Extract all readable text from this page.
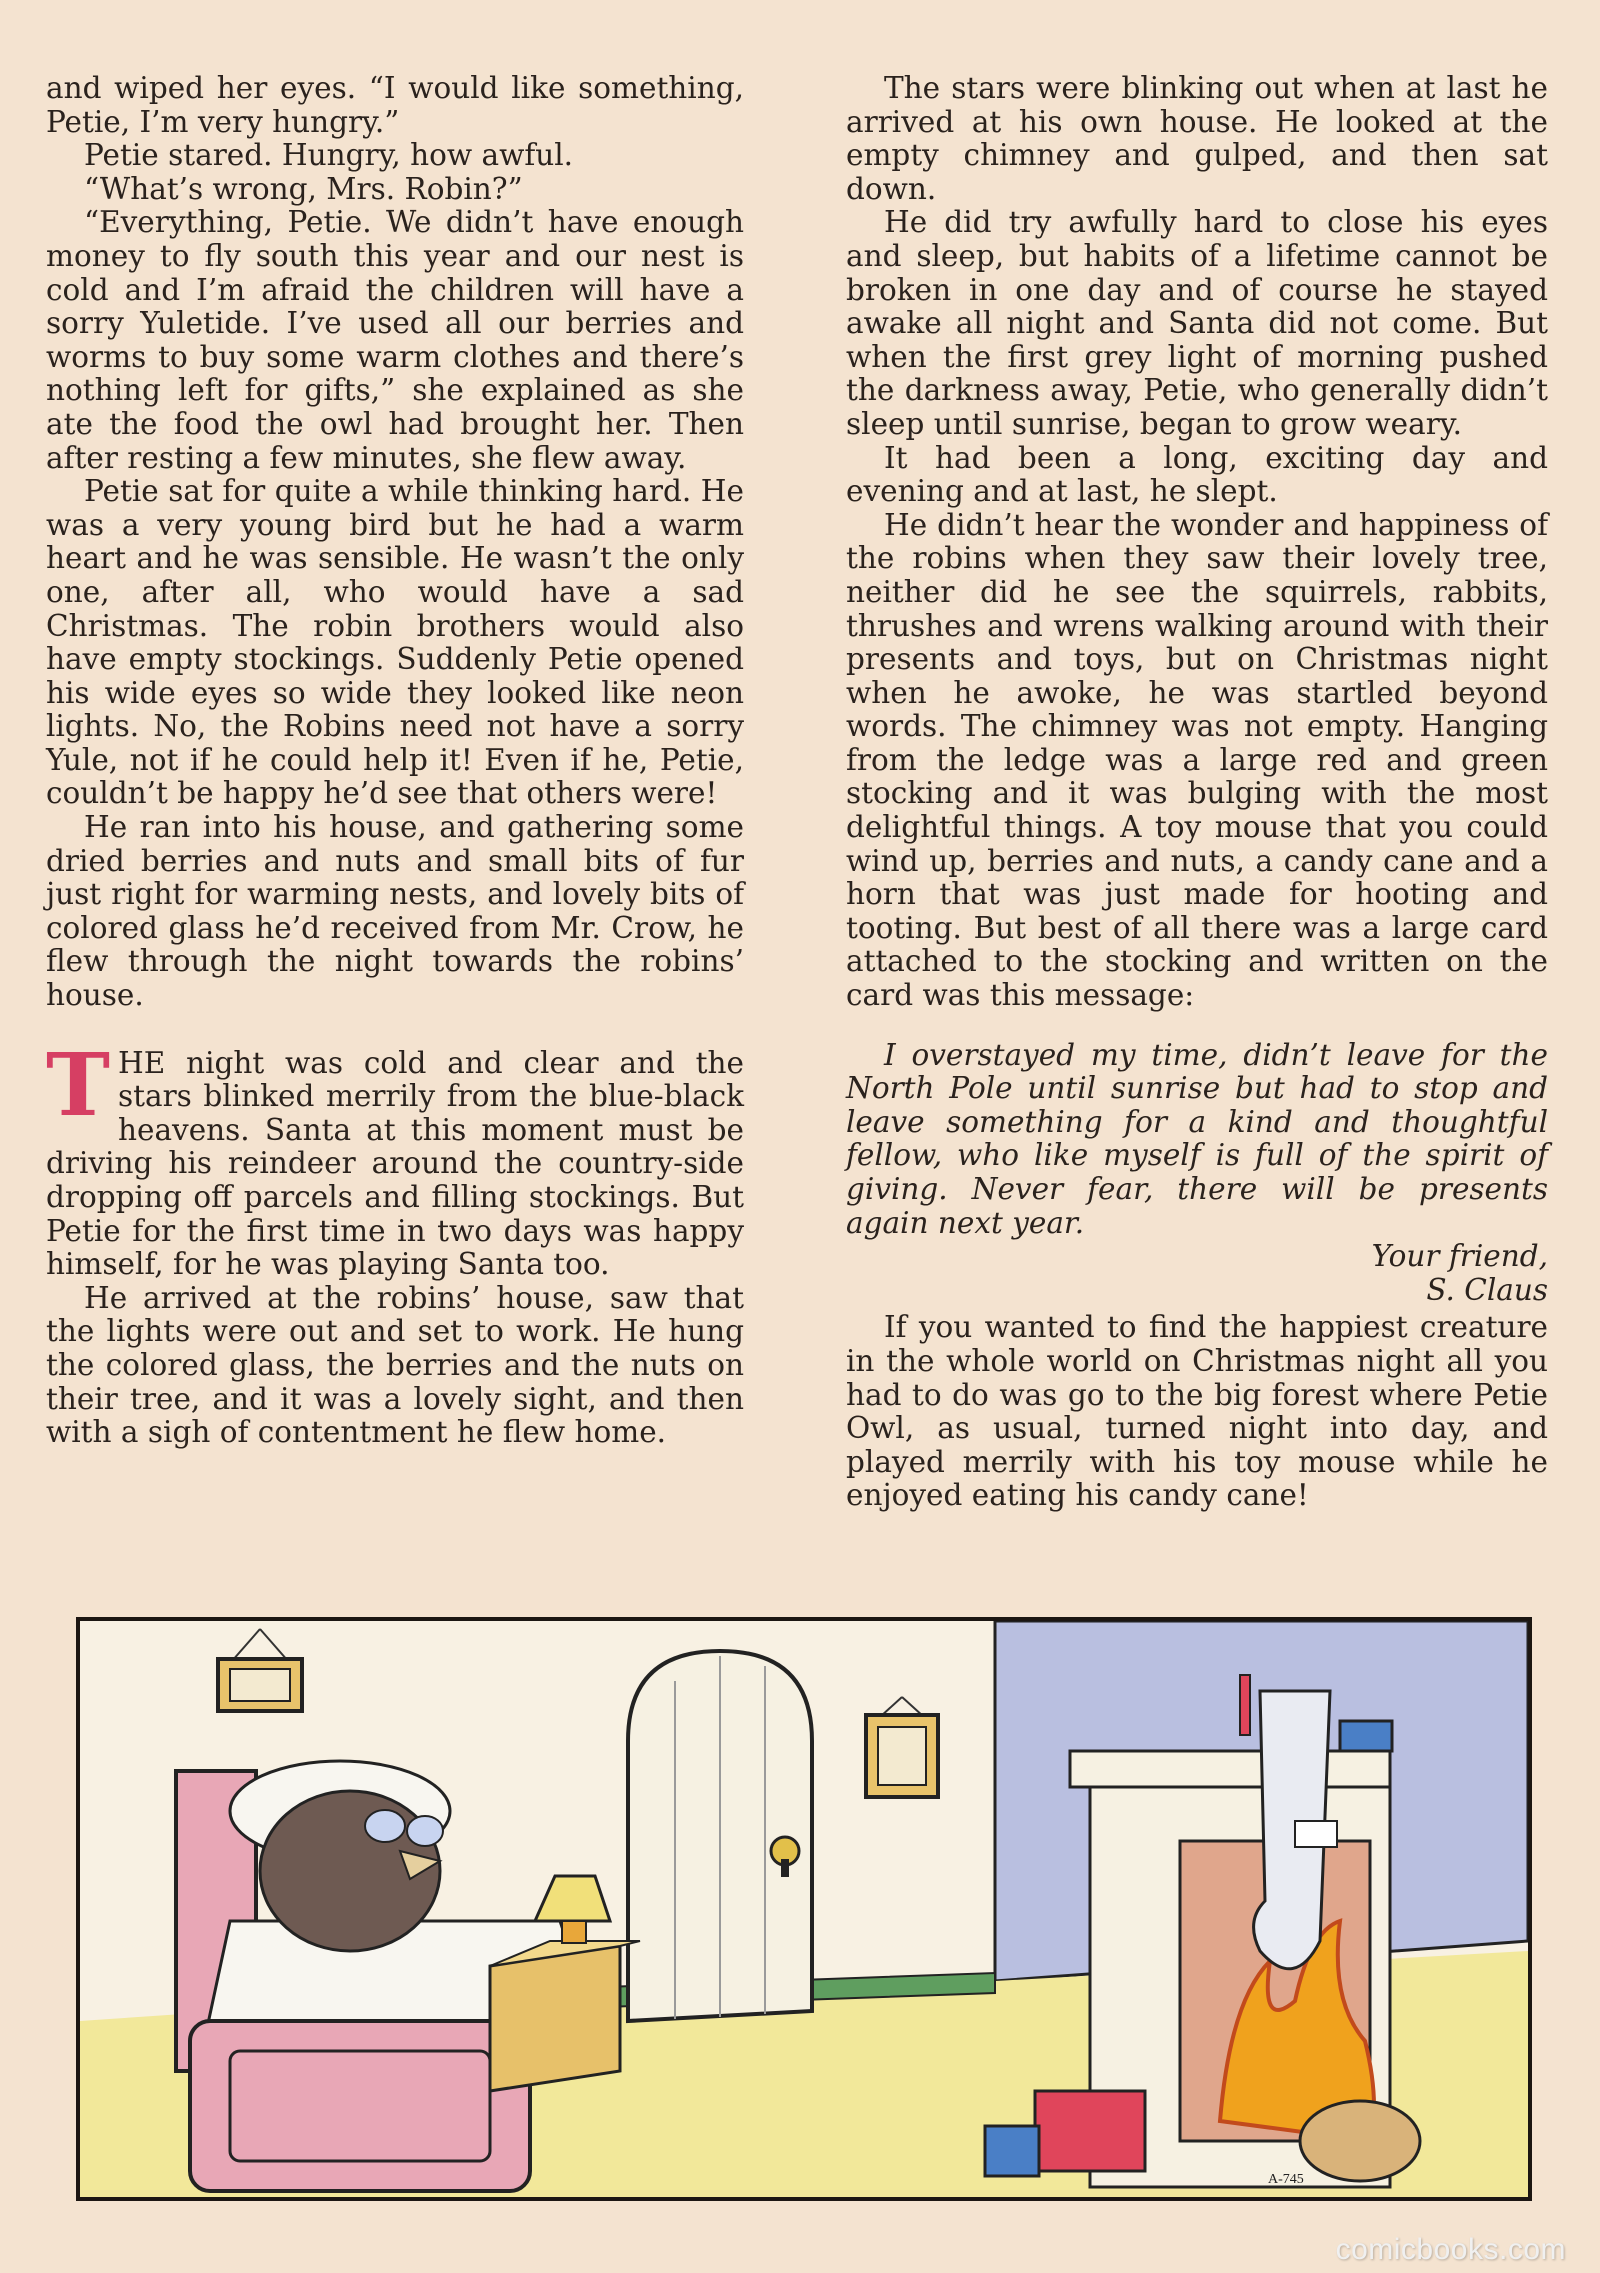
and wiped her eyes. “I would like something, Petie, I’m very hungry.”

Petie stared. Hungry, how awful.

“What’s wrong, Mrs. Robin?”

“Everything, Petie. We didn’t have enough money to fly south this year and our nest is cold and I’m afraid the children will have a sorry Yuletide. I’ve used all our berries and worms to buy some warm clothes and there’s nothing left for gifts,” she explained as she ate the food the owl had brought her. Then after resting a few minutes, she flew away.

Petie sat for quite a while thinking hard. He was a very young bird but he had a warm heart and he was sensible. He wasn’t the only one, after all, who would have a sad Christmas. The robin brothers would also have empty stockings. Suddenly Petie opened his wide eyes so wide they looked like neon lights. No, the Robins need not have a sorry Yule, not if he could help it! Even if he, Petie, couldn’t be happy he’d see that others were!

He ran into his house, and gathering some dried berries and nuts and small bits of fur just right for warming nests, and lovely bits of colored glass he’d received from Mr. Crow, he flew through the night towards the robins’ house.

THE night was cold and clear and the stars blinked merrily from the blue-black heavens. Santa at this moment must be driving his reindeer around the country-side dropping off parcels and filling stockings. But Petie for the first time in two days was happy himself, for he was playing Santa too.

He arrived at the robins’ house, saw that the lights were out and set to work. He hung the colored glass, the berries and the nuts on their tree, and it was a lovely sight, and then with a sigh of contentment he flew home.

The stars were blinking out when at last he arrived at his own house. He looked at the empty chimney and gulped, and then sat down.

He did try awfully hard to close his eyes and sleep, but habits of a lifetime cannot be broken in one day and of course he stayed awake all night and Santa did not come. But when the first grey light of morning pushed the darkness away, Petie, who generally didn’t sleep until sunrise, began to grow weary.

It had been a long, exciting day and evening and at last, he slept.

He didn’t hear the wonder and happiness of the robins when they saw their lovely tree, neither did he see the squirrels, rabbits, thrushes and wrens walking around with their presents and toys, but on Christmas night when he awoke, he was startled beyond words. The chimney was not empty. Hanging from the ledge was a large red and green stocking and it was bulging with the most delightful things. A toy mouse that you could wind up, berries and nuts, a candy cane and a horn that was just made for hooting and tooting. But best of all there was a large card attached to the stocking and written on the card was this message:

I overstayed my time, didn’t leave for the North Pole until sunrise but had to stop and leave something for a kind and thoughtful fellow, who like myself is full of the spirit of giving. Never fear, there will be presents again next year.

Your friend,

S. Claus

If you wanted to find the happiest creature in the whole world on Christmas night all you had to do was go to the big forest where Petie Owl, as usual, turned night into day, and played merrily with his toy mouse while he enjoyed eating his candy cane!

A-745
comicbooks.com
